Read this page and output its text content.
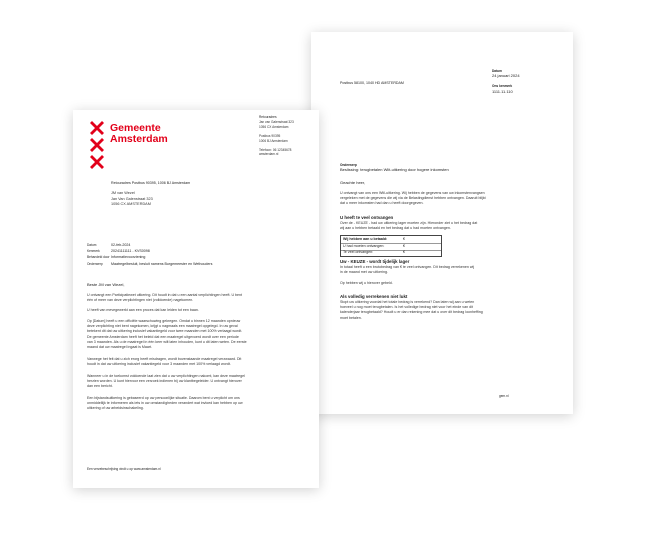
Datum
24 januari 2024
Ons kenmerk
1111.11.110
Postbus 58100, 1040 HD AMSTERDAM
Onderwerp
Beslissing: terugbetalen Wiit-uitkering door hogere inkomsten
Geachte heer,
U ontvangt van ons een Wtil-uitkering. Wij hebben de gegevens van uw inkomstenvangsen
vergeleken met de gegevens die wij via de Belastingdienst hebben ontvangen. Daaruit blijkt
dat u meer inkomsten had dan u heeft doorgegeven.
U heeft te veel ontvangen
Over de - KEUZE - had uw uitkering lager moeten zijn. Hieronder ziet u het bedrag dat
wij aan u hebben betaald en het bedrag dat u had moeten ontvangen.
Wij hebben aan u betaald:	€
U had moeten ontvangen:	€
Te veel ontvangen:	€
Uw - KEUZE - wordt tijdelijk lager
In totaal heeft u een brutobedrag van € te veel ontvangen. Dit bedrag verrekenen wij
in de maand met uw uitkering.
Op hebben wij u hierover gebeld.
Als volledig verrekenen niet lukt
Stopt uw uitkering voordat het totale bedrag is verrekend? Dan laten wij aan u weten
hoeveel u nog moet terugbetalen. Is het volledige bedrag niet voor het einde van dit
kalenderjaar terugbetaald? Houdt u er dan rekening mee dat u over dit bedrag loonheffing
moet betalen.
gem.nl
Gemeente
Amsterdam
Retouradres
Jan van Galenstraat 323
1056 CX Amsterdam

Postbus 90395
1006 BJ Amsterdam

Telefoon: 06 12345678
amsterdam.nl
Retouradres Postbus 90395, 1006 BJ Amsterdam
JM van Wezel
Jan Van Galenstraat 323
1056 CX AMSTERDAM
Datum	02-feb-2024
Kenmerk	20241111111 - KVS0098
Behandeld door Informatievoorziening
Onderwerp Maatregelbesluit, besluit namens Burgemeester en Wethouders
Beste JM van Wezel,
U ontvangt een Participatiewet uitkering. Dit houdt in dat u een aantal verplichtingen heeft. U bent
één of meer van deze verplichtingen niet (volldoende) nagekomen.
U heeft van mevegewerkt aan een proces dat kan leiden tot een baan.
Op [Datum] heeft u een officiële waarschuwing gekregen. Omdat u binnen 12 maanden opnieuw
deze verplichting niet bent nagekomen, krijgt u nagmaals een maatregel opgelegd. In uw geval
betekent dit dat uw uitkering inclusief vakantiegeld voor twee maanden met 100% verlaagd wordt.
De gemeente Amsterdam heeft het beleid dat een maatregel uitgevoerd wordt over een periode
van 3 maanden. Als u de maatregel in één keer wilt laten inhouden, kunt u dit laten weten. De eerste
maand dat uw maatregel ingaat is Maart.
Vanwege het feit dat u zich erorg heeft misdragen, wordt bovenstaande maatregel verzwaard. Dit
houdt in dat uw uitkering inclusief vakantiegeld voor 3 maanden met 100% verlaagd wordt.
Wanneer u in de toekomst voldoende laat zien dat u uw verplichtingen nakomt, kan deze maatregel
herzien worden. U kunt hiervoor een verzoek indienen bij uw klantbegeleider. U ontvangt hierover
dan een bericht.
Een bijstandsuitkering is gebaseerd op uw persoonlijke situatie. Daarom bent u verplicht om ons
onmiddellijk te informeren als iets in uw omstandigheden verandert wat invloed kan hebben op uw
uitkering of uw arbeidsinschakeling.
Een verzebeschrijving vindt u op www.amsterdam.nl
